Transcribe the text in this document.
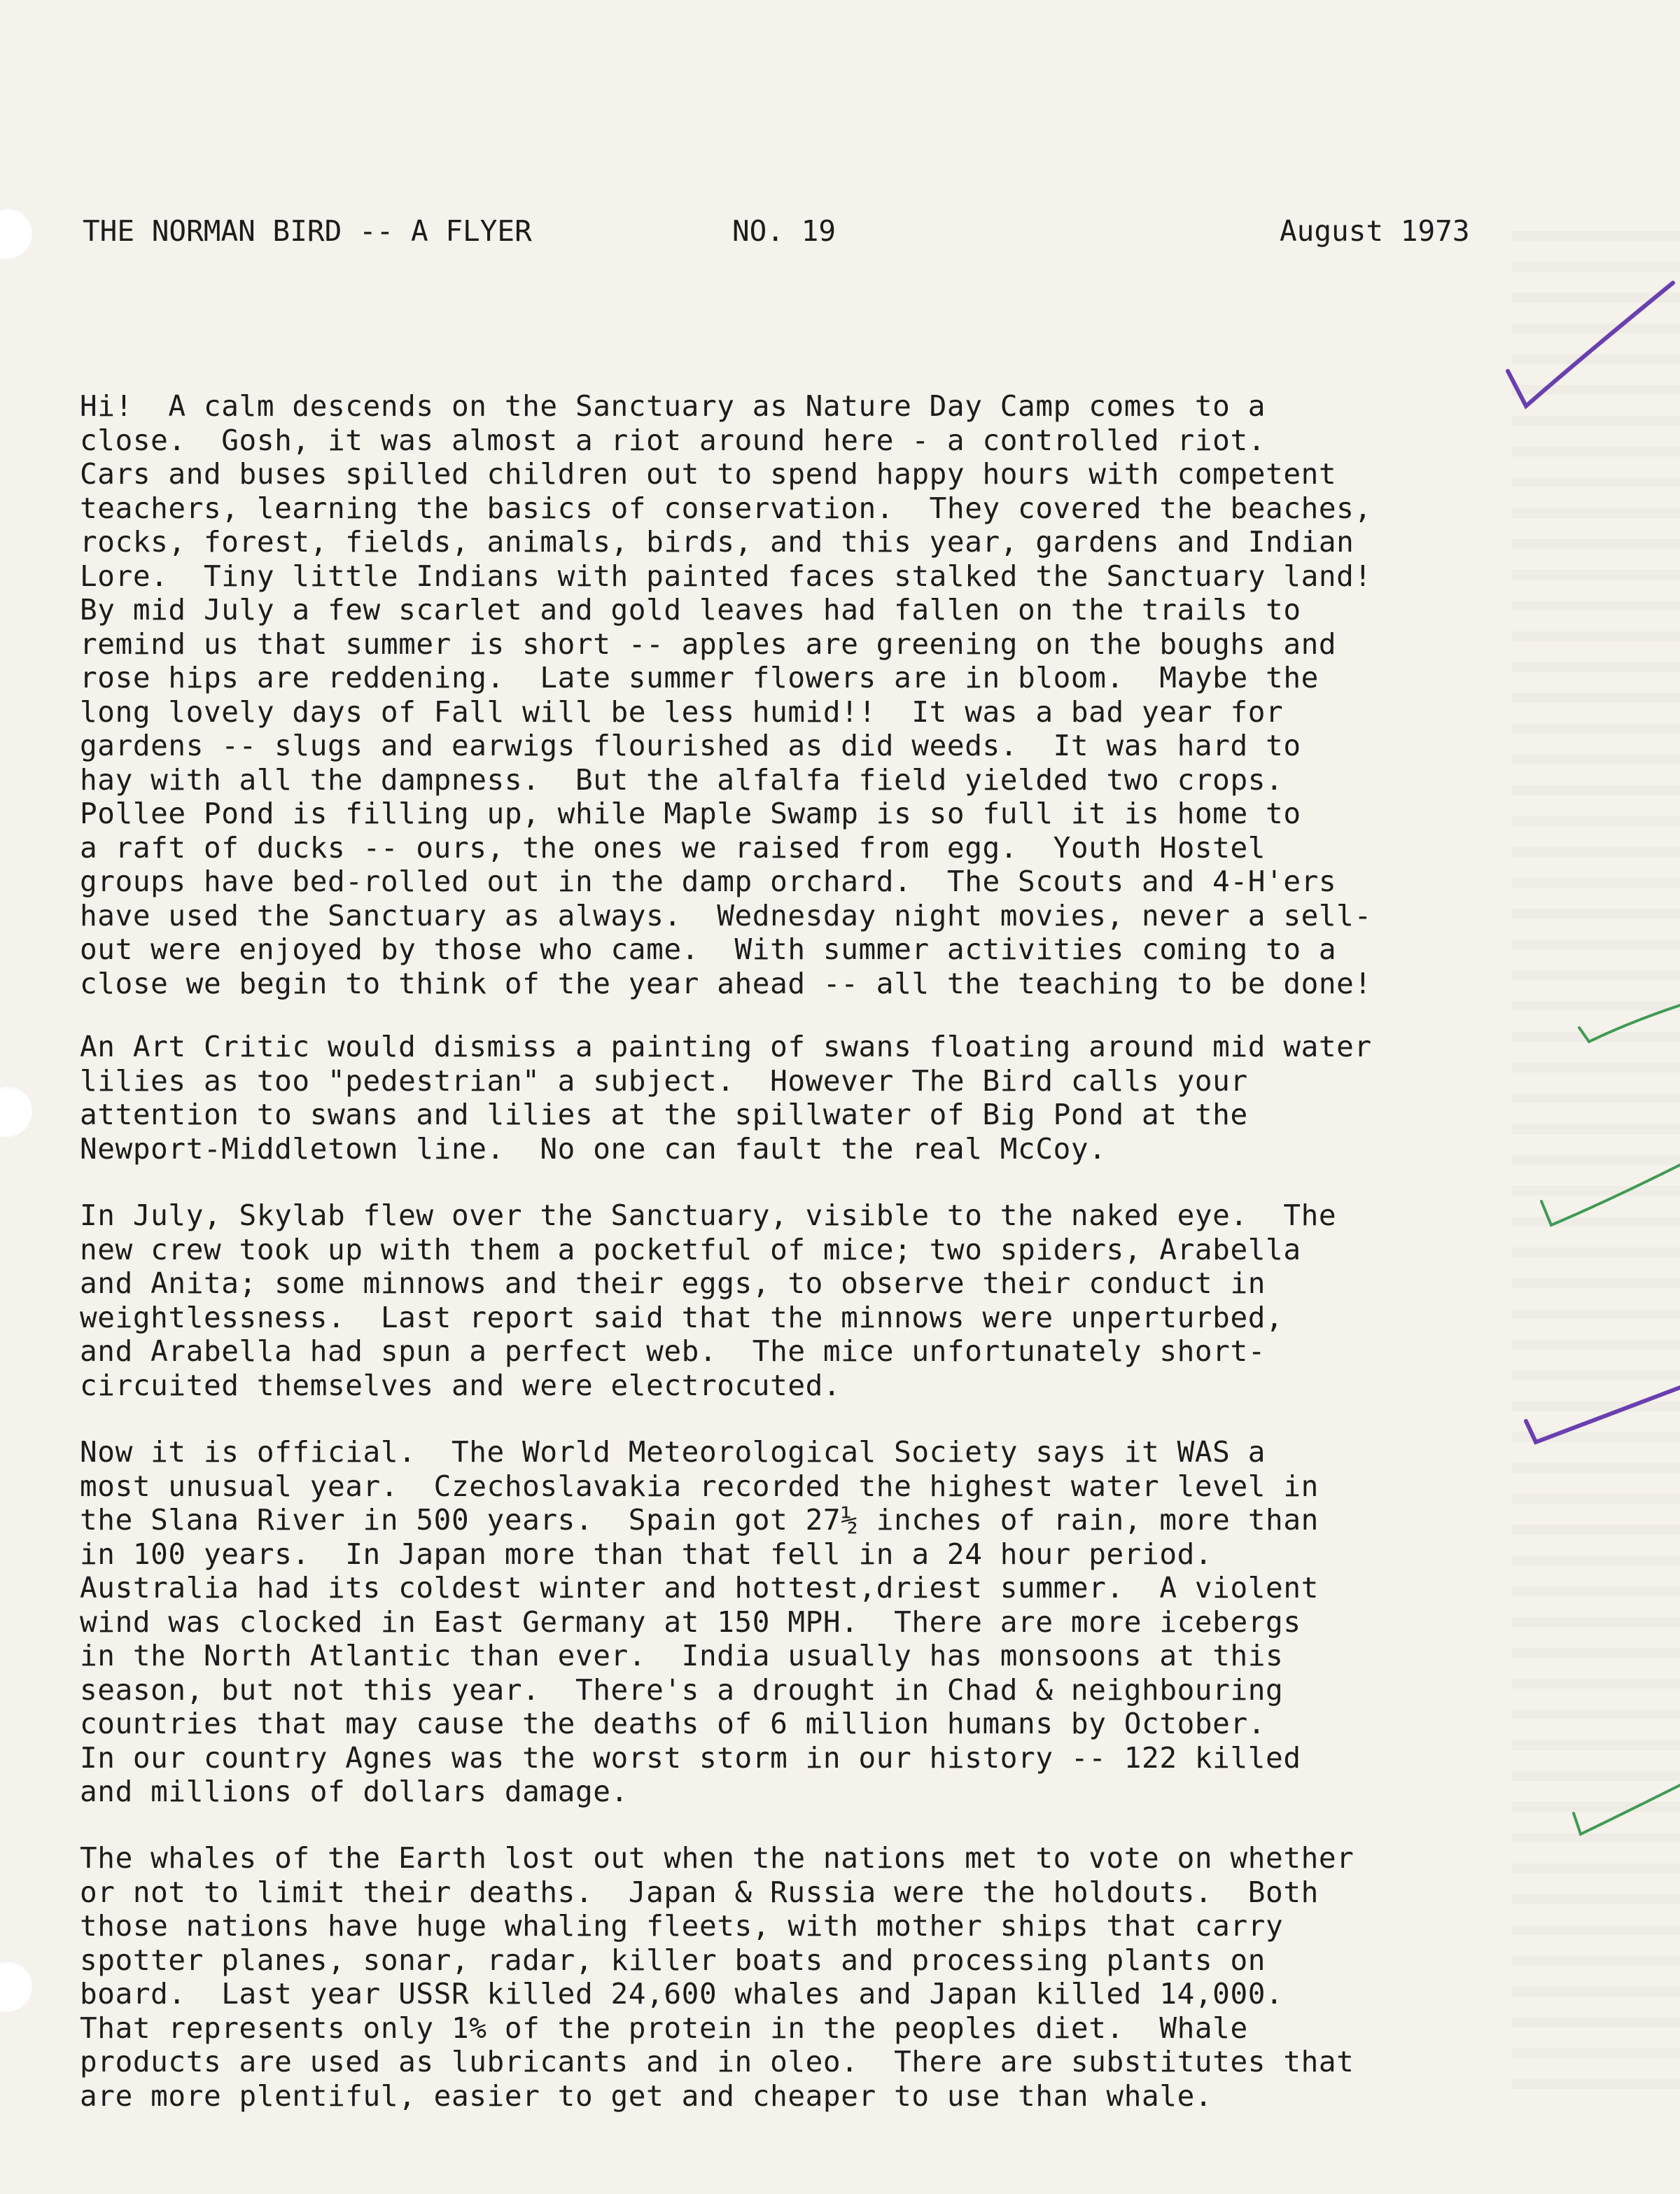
THE NORMAN BIRD -- A FLYER

	NO. 19

	August 1973

Hi!  A calm descends on the Sanctuary as Nature Day Camp comes to a
close.  Gosh, it was almost a riot around here - a controlled riot.
Cars and buses spilled children out to spend happy hours with competent
teachers, learning the basics of conservation.  They covered the beaches,
rocks, forest, fields, animals, birds, and this year, gardens and Indian
Lore.  Tiny little Indians with painted faces stalked the Sanctuary land!
By mid July a few scarlet and gold leaves had fallen on the trails to
remind us that summer is short -- apples are greening on the boughs and
rose hips are reddening.  Late summer flowers are in bloom.  Maybe the
long lovely days of Fall will be less humid!!  It was a bad year for
gardens -- slugs and earwigs flourished as did weeds.  It was hard to
hay with all the dampness.  But the alfalfa field yielded two crops.
Pollee Pond is filling up, while Maple Swamp is so full it is home to
a raft of ducks -- ours, the ones we raised from egg.  Youth Hostel
groups have bed-rolled out in the damp orchard.  The Scouts and 4-H'ers
have used the Sanctuary as always.  Wednesday night movies, never a sell-
out were enjoyed by those who came.  With summer activities coming to a
close we begin to think of the year ahead -- all the teaching to be done!

An Art Critic would dismiss a painting of swans floating around mid water
lilies as too "pedestrian" a subject.  However The Bird calls your
attention to swans and lilies at the spillwater of Big Pond at the
Newport-Middletown line.  No one can fault the real McCoy.

In July, Skylab flew over the Sanctuary, visible to the naked eye.  The
new crew took up with them a pocketful of mice; two spiders, Arabella
and Anita; some minnows and their eggs, to observe their conduct in
weightlessness.  Last report said that the minnows were unperturbed,
and Arabella had spun a perfect web.  The mice unfortunately short-
circuited themselves and were electrocuted.

Now it is official.  The World Meteorological Society says it WAS a
most unusual year.  Czechoslavakia recorded the highest water level in
the Slana River in 500 years.  Spain got 27½ inches of rain, more than
in 100 years.  In Japan more than that fell in a 24 hour period.
Australia had its coldest winter and hottest,driest summer.  A violent
wind was clocked in East Germany at 150 MPH.  There are more icebergs
in the North Atlantic than ever.  India usually has monsoons at this
season, but not this year.  There's a drought in Chad & neighbouring
countries that may cause the deaths of 6 million humans by October.
In our country Agnes was the worst storm in our history -- 122 killed
and millions of dollars damage.

The whales of the Earth lost out when the nations met to vote on whether
or not to limit their deaths.  Japan & Russia were the holdouts.  Both
those nations have huge whaling fleets, with mother ships that carry
spotter planes, sonar, radar, killer boats and processing plants on
board.  Last year USSR killed 24,600 whales and Japan killed 14,000.
That represents only 1% of the protein in the peoples diet.  Whale
products are used as lubricants and in oleo.  There are substitutes that
are more plentiful, easier to get and cheaper to use than whale.
